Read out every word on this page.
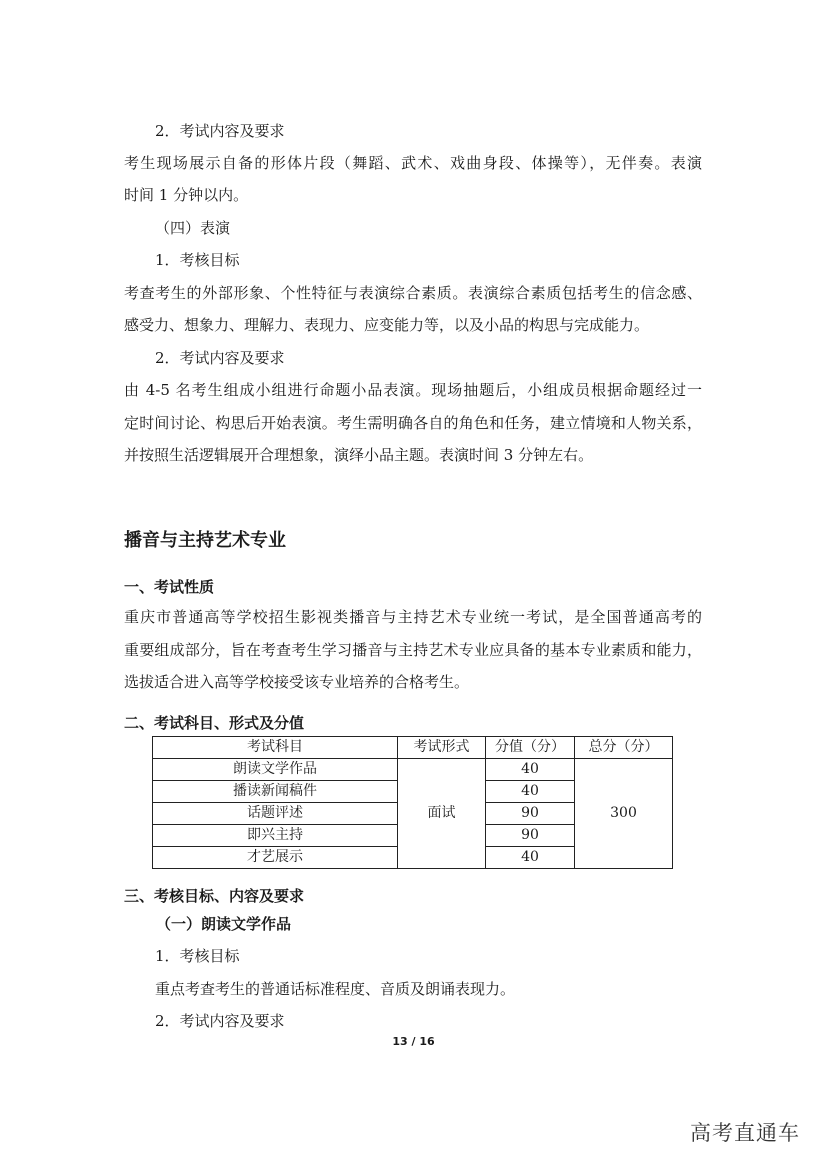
2．考试内容及要求
考生现场展示自备的形体片段（舞蹈、武术、戏曲身段、体操等），无伴奏。表演
时间 1 分钟以内。
（四）表演
1．考核目标
考查考生的外部形象、个性特征与表演综合素质。表演综合素质包括考生的信念感、
感受力、想象力、理解力、表现力、应变能力等，以及小品的构思与完成能力。
2．考试内容及要求
由 4-5 名考生组成小组进行命题小品表演。现场抽题后，小组成员根据命题经过一
定时间讨论、构思后开始表演。考生需明确各自的角色和任务，建立情境和人物关系，
并按照生活逻辑展开合理想象，演绎小品主题。表演时间 3 分钟左右。
播音与主持艺术专业
一、考试性质
重庆市普通高等学校招生影视类播音与主持艺术专业统一考试，是全国普通高考的
重要组成部分，旨在考查考生学习播音与主持艺术专业应具备的基本专业素质和能力，
选拔适合进入高等学校接受该专业培养的合格考生。
二、考试科目、形式及分值
考试科目	考试形式	分值（分）	总分（分）
朗读文学作品	面试	40	300
播读新闻稿件		40	
话题评述		90	
即兴主持		90	
才艺展示		40	
三、考核目标、内容及要求
（一）朗读文学作品
1．考核目标
重点考查考生的普通话标准程度、音质及朗诵表现力。
2．考试内容及要求
13 / 16
高考直通车
